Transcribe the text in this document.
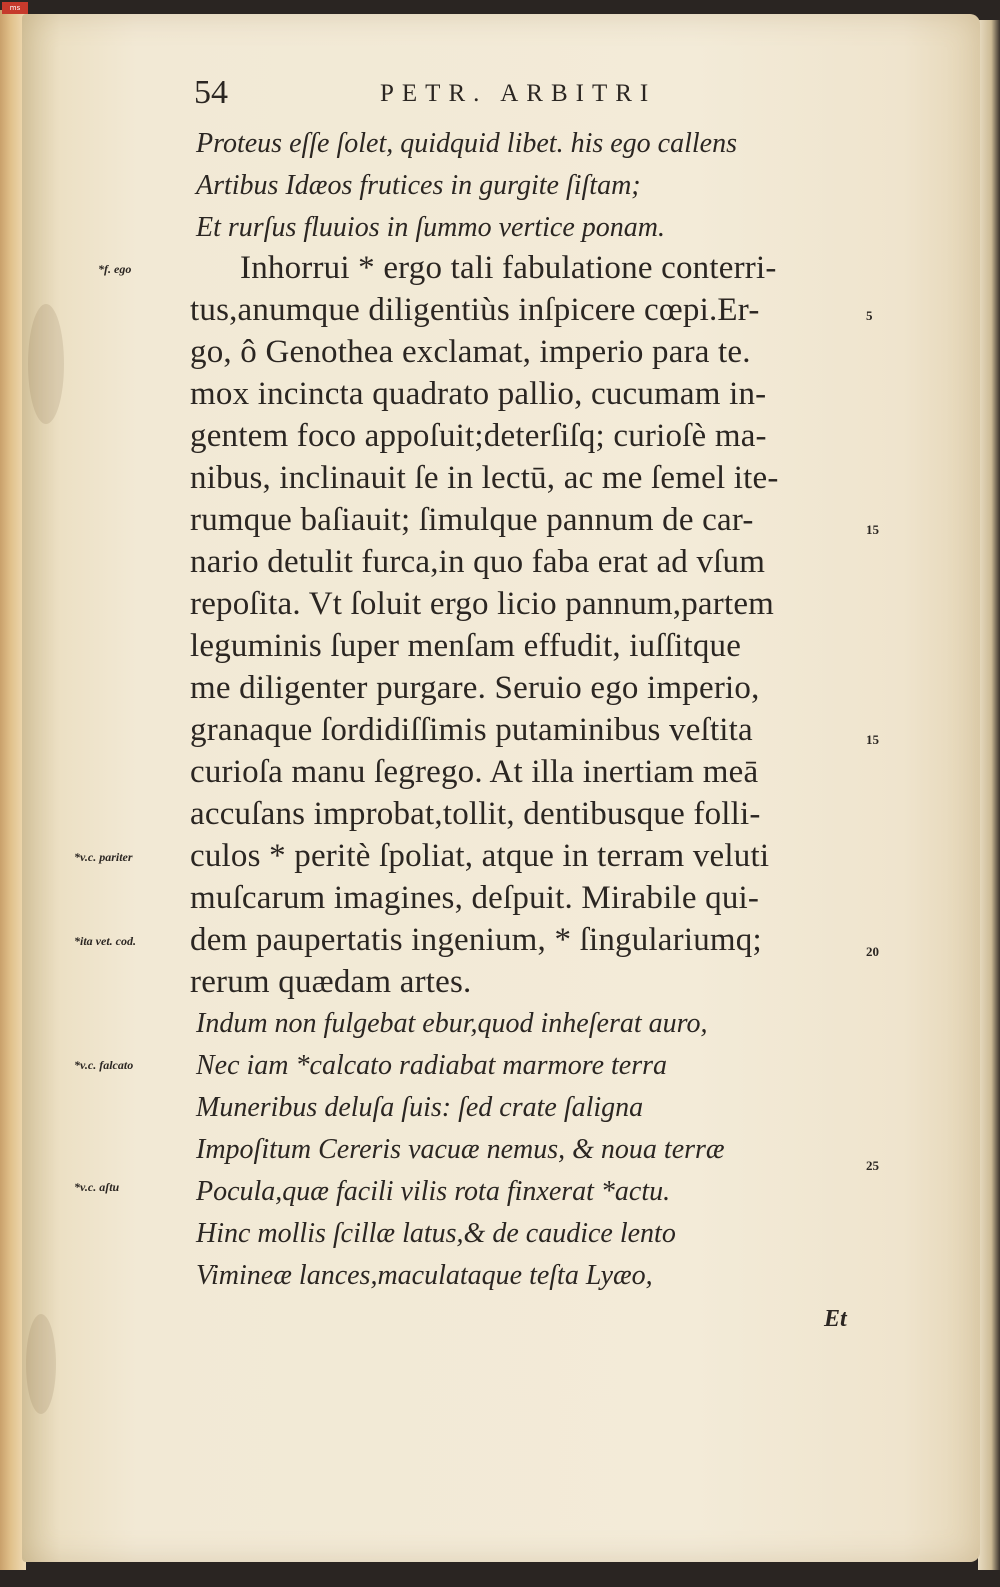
ms
54	PETR. ARBITRI
Proteus eſſe ſolet, quidquid libet. his ego callens
Artibus Idæos frutices in gurgite ſiſtam;
Et rurſus fluuios in ſummo vertice ponam.
Inhorrui * ergo tali fabulatione conterri-
tus,anumque diligentiùs inſpicere cœpi.Er-
go, ô Genothea exclamat, imperio para te.
mox incincta quadrato pallio, cucumam in-
gentem foco appoſuit;deterſiſq; curioſè ma-
nibus, inclinauit ſe in lectū, ac me ſemel ite-
rumque baſiauit; ſimulque pannum de car-
nario detulit furca,in quo faba erat ad vſum
repoſita. Vt ſoluit ergo licio pannum,partem
leguminis ſuper menſam effudit, iuſſitque
me diligenter purgare. Seruio ego imperio,
granaque ſordidiſſimis putaminibus veſtita
curioſa manu ſegrego. At illa inertiam meā
accuſans improbat,tollit, dentibusque folli-
culos * peritè ſpoliat, atque in terram veluti
muſcarum imagines, deſpuit. Mirabile qui-
dem paupertatis ingenium, * ſingulariumq;
rerum quædam artes.
Indum non fulgebat ebur,quod inheſerat auro,
Nec iam *calcato radiabat marmore terra
Muneribus deluſa ſuis: ſed crate ſaligna
Impoſitum Cereris vacuæ nemus, & noua terræ
Pocula,quæ facili vilis rota finxerat *actu.
Hinc mollis ſcillæ latus,& de caudice lento
Vimineæ lances,maculataque teſta Lyæo,
*f. ego
*v.c. pariter
*ita vet. cod.
*v.c. falcato
*v.c. aſtu
5
15
15
20
25
Et
